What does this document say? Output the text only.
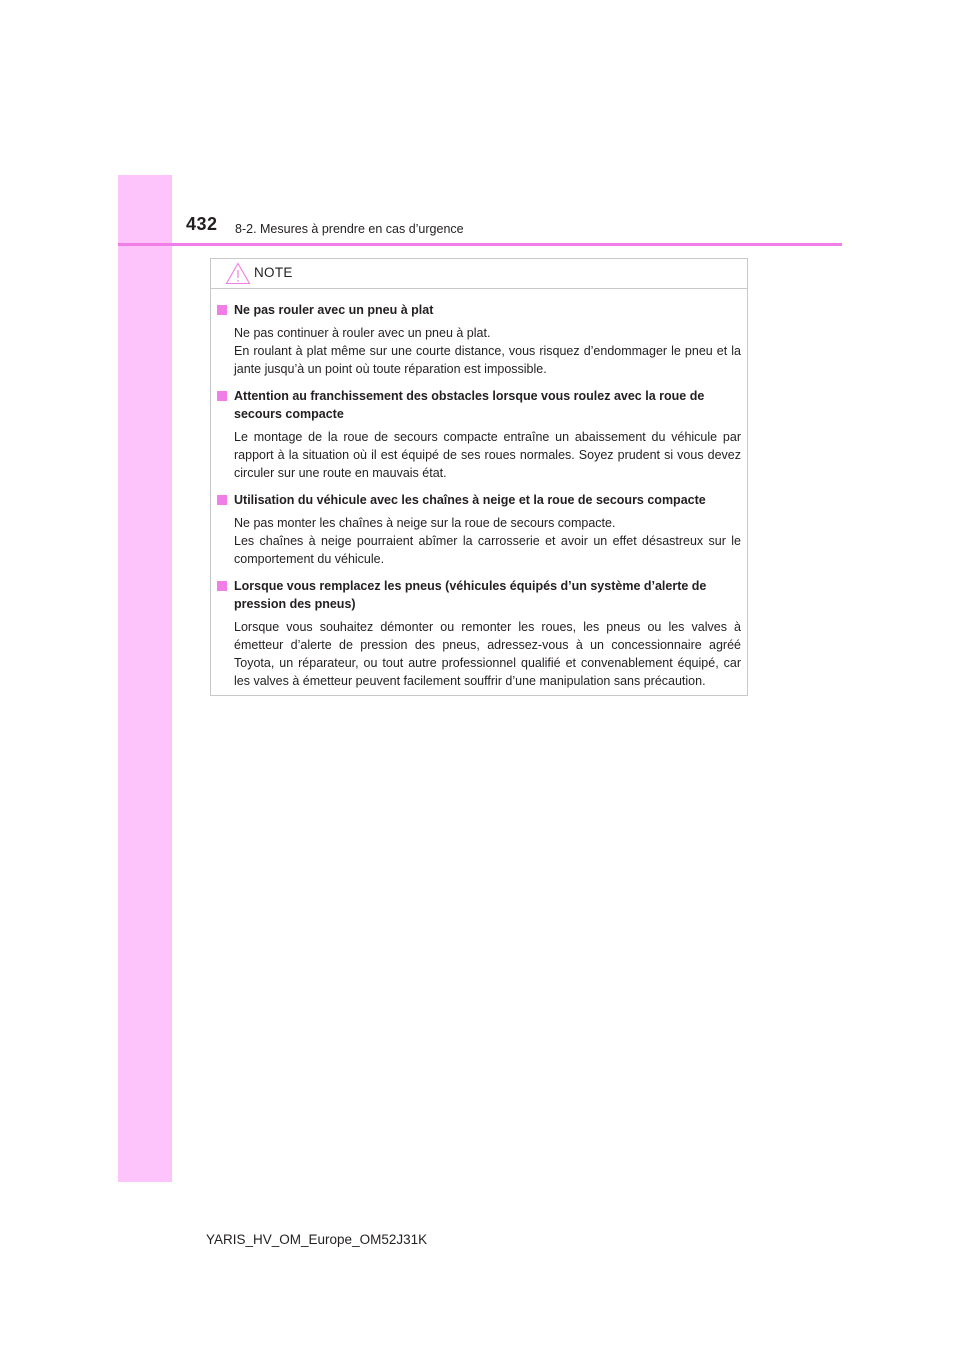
432 8-2. Mesures à prendre en cas d’urgence
NOTE
Ne pas rouler avec un pneu à plat
Ne pas continuer à rouler avec un pneu à plat.
En roulant à plat même sur une courte distance, vous risquez d’endommager le pneu et la jante jusqu’à un point où toute réparation est impossible.
Attention au franchissement des obstacles lorsque vous roulez avec la roue de secours compacte
Le montage de la roue de secours compacte entraîne un abaissement du véhicule par rapport à la situation où il est équipé de ses roues normales. Soyez prudent si vous devez circuler sur une route en mauvais état.
Utilisation du véhicule avec les chaînes à neige et la roue de secours compacte
Ne pas monter les chaînes à neige sur la roue de secours compacte.
Les chaînes à neige pourraient abîmer la carrosserie et avoir un effet désastreux sur le comportement du véhicule.
Lorsque vous remplacez les pneus (véhicules équipés d’un système d’alerte de pression des pneus)
Lorsque vous souhaitez démonter ou remonter les roues, les pneus ou les valves à émetteur d’alerte de pression des pneus, adressez-vous à un concessionnaire agréé Toyota, un réparateur, ou tout autre professionnel qualifié et convenablement équipé, car les valves à émetteur peuvent facilement souffrir d’une manipulation sans précaution.
YARIS_HV_OM_Europe_OM52J31K
